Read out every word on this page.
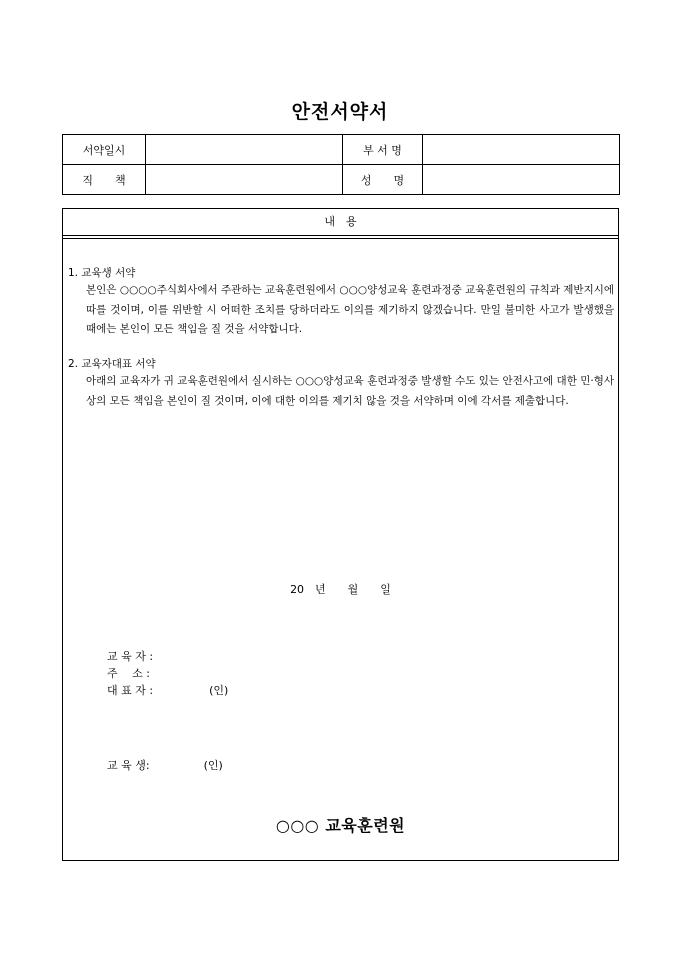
안전서약서
서약일시		부 서 명	
직　　책		성　　명	
내　용
1. 교육생 서약
본인은 ○○○○주식회사에서 주관하는 교육훈련원에서 ○○○양성교육 훈련과정중 교육훈련원의 규칙과 제반지시에 따를 것이며, 이를 위반할 시 어떠한 조치를 당하더라도 이의를 제기하지 않겠습니다. 만일 불미한 사고가 발생했을 때에는 본인이 모든 책임을 질 것을 서약합니다.
2. 교육자대표 서약
아래의 교육자가 귀 교육훈련원에서 실시하는 ○○○양성교육 훈련과정중 발생할 수도 있는 안전사고에 대한 민·형사상의 모든 책임을 본인이 질 것이며, 이에 대한 이의를 제기치 않을 것을 서약하며 이에 각서를 제출합니다.
20　년　　월　　일
교 육 자 :
주　 소 :
대 표 자 :	(인)
교 육 생:	(인)
○○○ 교육훈련원
